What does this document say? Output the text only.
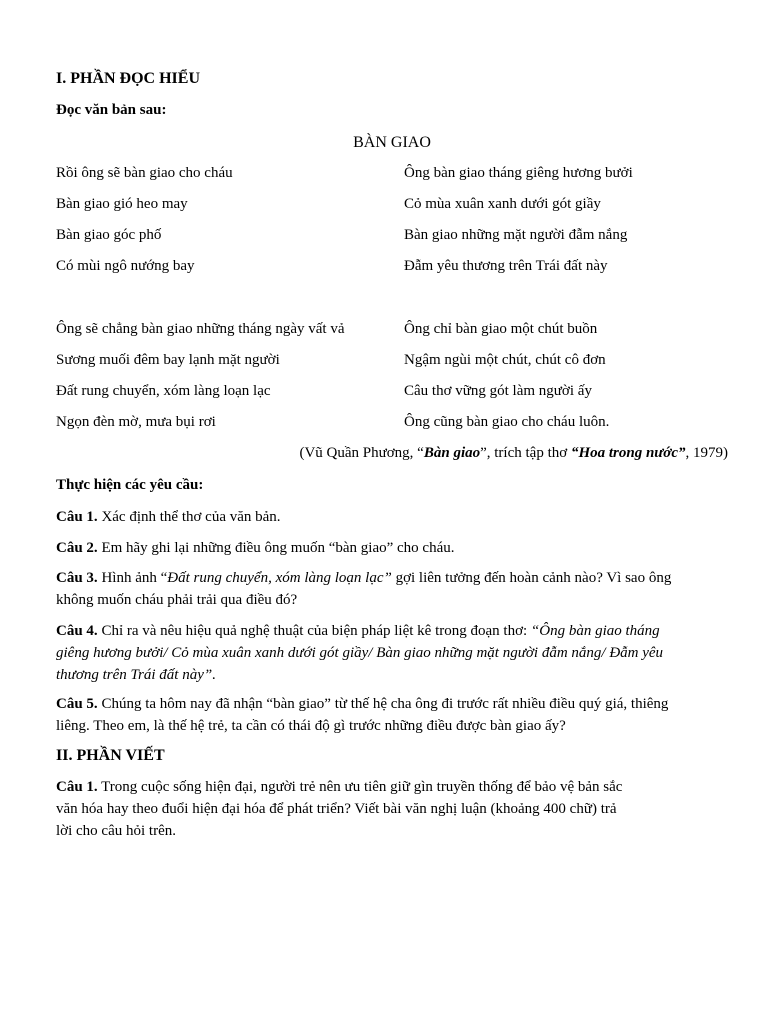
I. PHẦN ĐỌC HIỂU
Đọc văn bản sau:
BÀN GIAO
Rồi ông sẽ bàn giao cho cháu	Ông bàn giao tháng giêng hương bưởi
Bàn giao gió heo may	Cỏ mùa xuân xanh dưới gót giầy
Bàn giao góc phố	Bàn giao những mặt người đẫm nắng
Có mùi ngô nướng bay	Đẫm yêu thương trên Trái đất này
Ông sẽ chẳng bàn giao những tháng ngày vất vả	Ông chỉ bàn giao một chút buồn
Sương muối đêm bay lạnh mặt người	Ngậm ngùi một chút, chút cô đơn
Đất rung chuyển, xóm làng loạn lạc	Câu thơ vững gót làm người ấy
Ngọn đèn mờ, mưa bụi rơi	Ông cũng bàn giao cho cháu luôn.
(Vũ Quần Phương, “Bàn giao”, trích tập thơ “Hoa trong nước”, 1979)
Thực hiện các yêu cầu:
Câu 1. Xác định thể thơ của văn bản.
Câu 2. Em hãy ghi lại những điều ông muốn “bàn giao” cho cháu.
Câu 3. Hình ảnh “Đất rung chuyển, xóm làng loạn lạc” gợi liên tưởng đến hoàn cảnh nào? Vì sao ông
không muốn cháu phải trải qua điều đó?
Câu 4. Chỉ ra và nêu hiệu quả nghệ thuật của biện pháp liệt kê trong đoạn thơ: “Ông bàn giao tháng
giêng hương bưởi/ Cỏ mùa xuân xanh dưới gót giầy/ Bàn giao những mặt người đẫm nắng/ Đẫm yêu
thương trên Trái đất này”.
Câu 5. Chúng ta hôm nay đã nhận “bàn giao” từ thế hệ cha ông đi trước rất nhiều điều quý giá, thiêng
liêng. Theo em, là thế hệ trẻ, ta cần có thái độ gì trước những điều được bàn giao ấy?
II. PHẦN VIẾT
Câu 1. Trong cuộc sống hiện đại, người trẻ nên ưu tiên giữ gìn truyền thống để bảo vệ bản sắc
văn hóa hay theo đuổi hiện đại hóa để phát triển? Viết bài văn nghị luận (khoảng 400 chữ) trả
lời cho câu hỏi trên.
